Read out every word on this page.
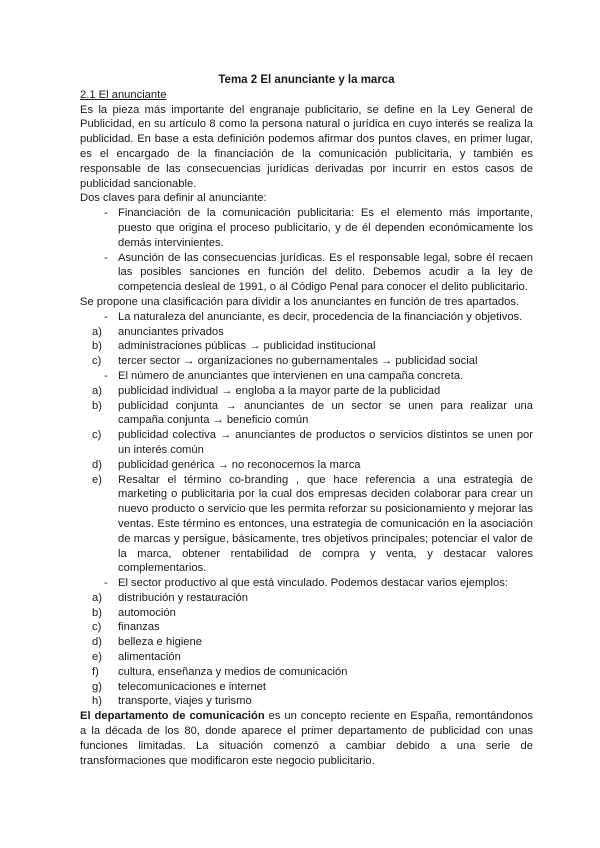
Tema 2 El anunciante y la marca
2.1 El anunciante

Es la pieza más importante del engranaje publicitario, se define en la Ley General de Publicidad, en su artículo 8 como la persona natural o jurídica en cuyo interés se realiza la publicidad. En base a esta definición podemos afirmar dos puntos claves, en primer lugar, es el encargado de la financiación de la comunicación publicitaria, y también es responsable de las consecuencias jurídicas derivadas por incurrir en estos casos de publicidad sancionable.

Dos claves para definir al anunciante:

- Financiación de la comunicación publicitaria: Es el elemento más importante, puesto que origina el proceso publicitario, y de él dependen económicamente los demás intervinientes.
- Asunción de las consecuencias jurídicas. Es el responsable legal, sobre él recaen las posibles sanciones en función del delito. Debemos acudir a la ley de competencia desleal de 1991, o al Código Penal para conocer el delito publicitario.

Se propone una clasificación para dividir a los anunciantes en función de tres apartados.

- La naturaleza del anunciante, es decir, procedencia de la financiación y objetivos.
a)	anunciantes privados
b)	administraciones públicas → publicidad institucional
c)	tercer sector → organizaciones no gubernamentales → publicidad social
- El número de anunciantes que intervienen en una campaña concreta.
a)	publicidad individual → engloba a la mayor parte de la publicidad
b)	publicidad conjunta → anunciantes de un sector se unen para realizar una campaña conjunta → beneficio común
c)	publicidad colectiva → anunciantes de productos o servicios distintos se unen por un interés común
d)	publicidad genérica → no reconocemos la marca
e)	Resaltar el término co-branding , que hace referencia a una estrategia de marketing o publicitaria por la cual dos empresas deciden colaborar para crear un nuevo producto o servicio que les permita reforzar su posicionamiento y mejorar las ventas. Este término es entonces, una estrategia de comunicación en la asociación de marcas y persigue, básicamente, tres objetivos principales; potenciar el valor de la marca, obtener rentabilidad de compra y venta, y destacar valores complementarios.
- El sector productivo al que está vinculado. Podemos destacar varios ejemplos:
a)	distribución y restauración
b)	automoción
c)	finanzas
d)	belleza e higiene
e)	alimentación
f)	cultura, enseñanza y medios de comunicación
g)	telecomunicaciones e internet
h)	transporte, viajes y turismo

El departamento de comunicación es un concepto reciente en España, remontándonos a la década de los 80, donde aparece el primer departamento de publicidad con unas funciones limitadas. La situación comenzó a cambiar debido a una serie de transformaciones que modificaron este negocio publicitario.
